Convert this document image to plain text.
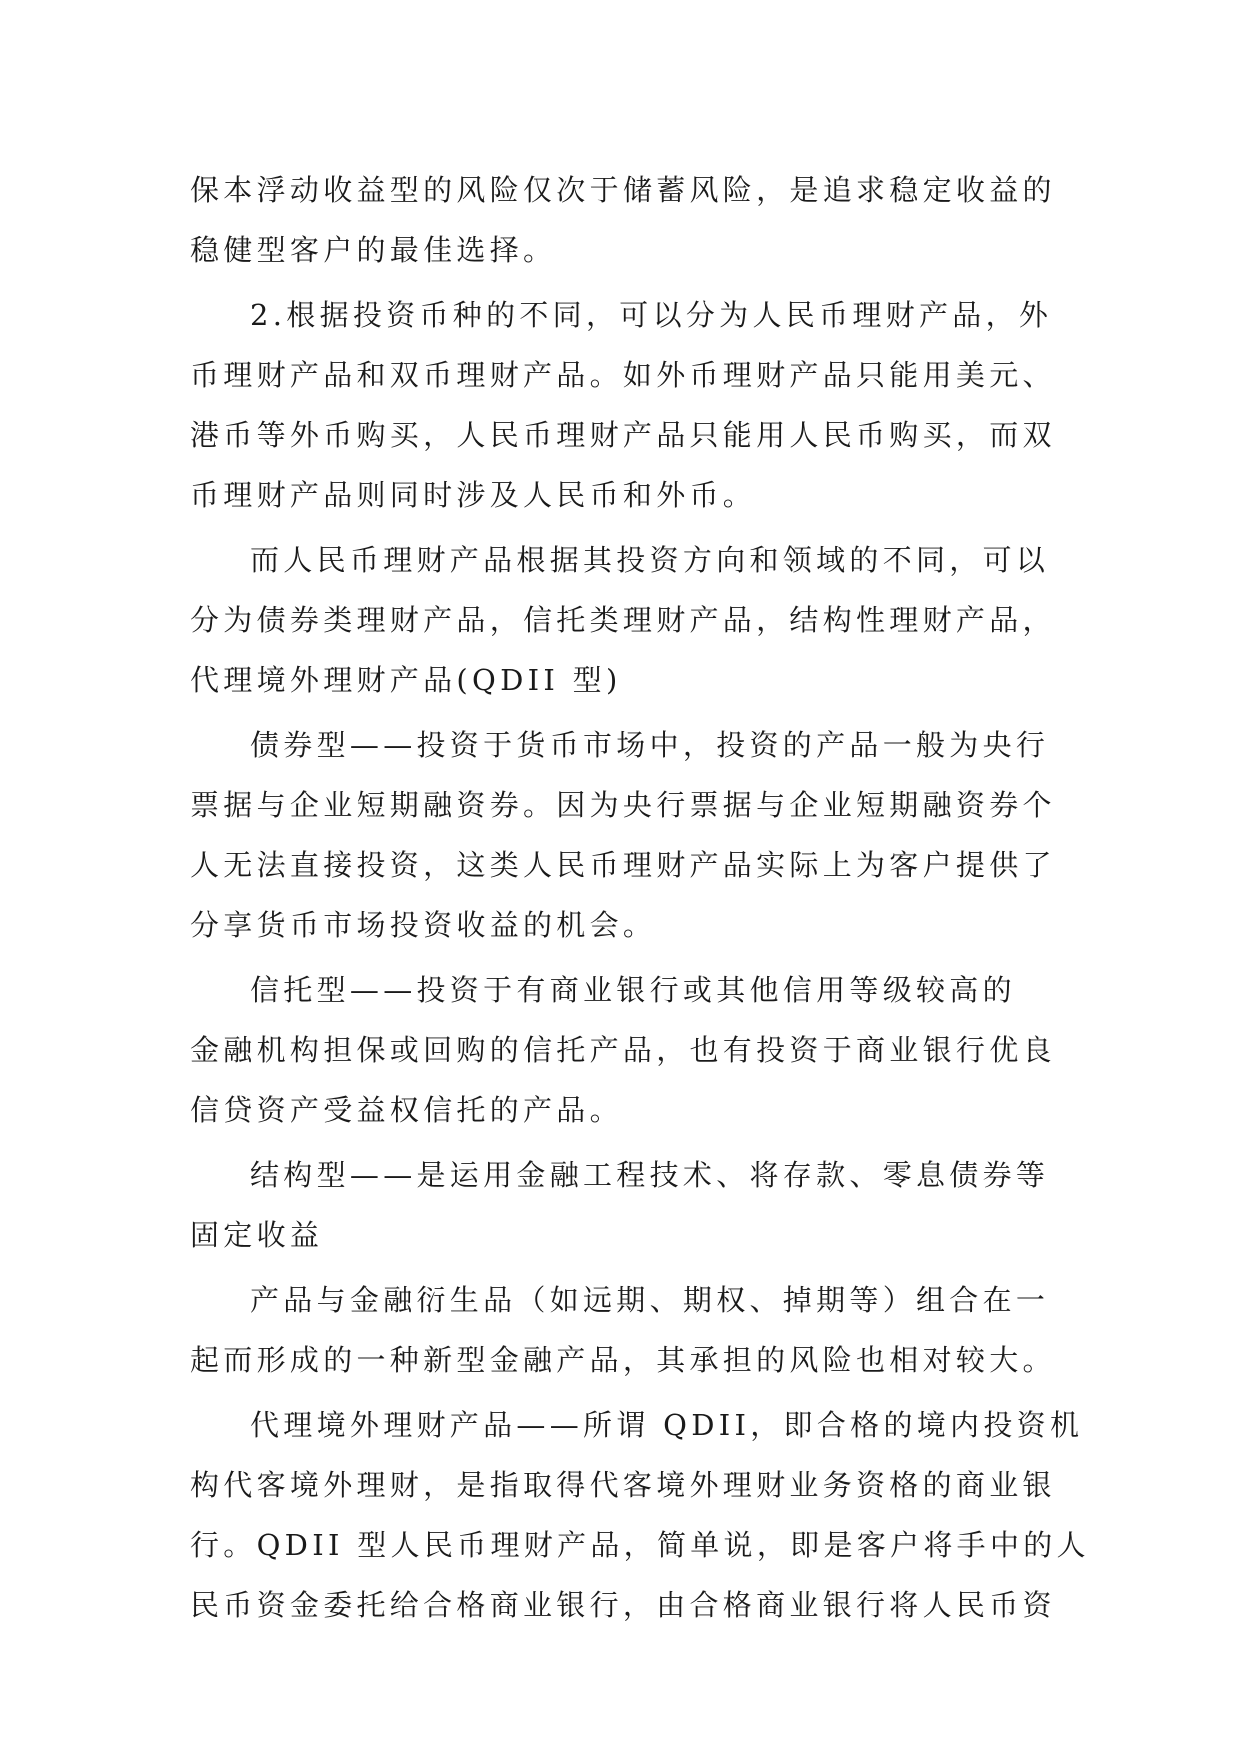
保本浮动收益型的风险仅次于储蓄风险，是追求稳定收益的
稳健型客户的最佳选择。
2.根据投资币种的不同，可以分为人民币理财产品，外
币理财产品和双币理财产品。如外币理财产品只能用美元、
港币等外币购买，人民币理财产品只能用人民币购买，而双
币理财产品则同时涉及人民币和外币。
而人民币理财产品根据其投资方向和领域的不同，可以
分为债券类理财产品，信托类理财产品，结构性理财产品，
代理境外理财产品(QDII 型)
债券型——投资于货币市场中，投资的产品一般为央行
票据与企业短期融资券。因为央行票据与企业短期融资券个
人无法直接投资，这类人民币理财产品实际上为客户提供了
分享货币市场投资收益的机会。
信托型——投资于有商业银行或其他信用等级较高的
金融机构担保或回购的信托产品，也有投资于商业银行优良
信贷资产受益权信托的产品。
结构型——是运用金融工程技术、将存款、零息债券等
固定收益
产品与金融衍生品（如远期、期权、掉期等）组合在一
起而形成的一种新型金融产品，其承担的风险也相对较大。
代理境外理财产品——所谓 QDII，即合格的境内投资机
构代客境外理财，是指取得代客境外理财业务资格的商业银
行。QDII 型人民币理财产品，简单说，即是客户将手中的人
民币资金委托给合格商业银行，由合格商业银行将人民币资
